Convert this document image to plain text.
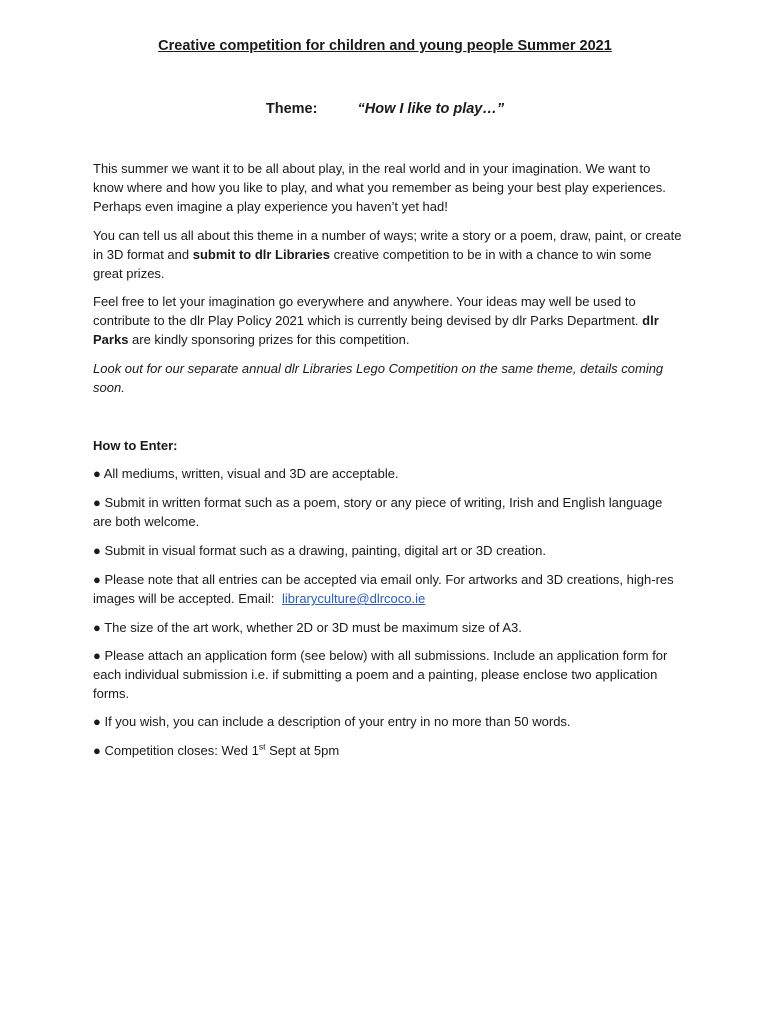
Creative competition for children and young people Summer 2021
Theme:	“How I like to play…”

This summer we want it to be all about play, in the real world and in your imagination. We want to know where and how you like to play, and what you remember as being your best play experiences. Perhaps even imagine a play experience you haven’t yet had!

You can tell us all about this theme in a number of ways; write a story or a poem, draw, paint, or create in 3D format and submit to dlr Libraries creative competition to be in with a chance to win some great prizes.

Feel free to let your imagination go everywhere and anywhere. Your ideas may well be used to contribute to the dlr Play Policy 2021 which is currently being devised by dlr Parks Department. dlr Parks are kindly sponsoring prizes for this competition.

Look out for our separate annual dlr Libraries Lego Competition on the same theme, details coming soon.

How to Enter:

● All mediums, written, visual and 3D are acceptable.

● Submit in written format such as a poem, story or any piece of writing, Irish and English language are both welcome.

● Submit in visual format such as a drawing, painting, digital art or 3D creation.

● Please note that all entries can be accepted via email only. For artworks and 3D creations, high-res images will be accepted. Email: libraryculture@dlrcoco.ie

● The size of the art work, whether 2D or 3D must be maximum size of A3.

● Please attach an application form (see below) with all submissions. Include an application form for each individual submission i.e. if submitting a poem and a painting, please enclose two application forms.

● If you wish, you can include a description of your entry in no more than 50 words.

● Competition closes: Wed 1st Sept at 5pm
